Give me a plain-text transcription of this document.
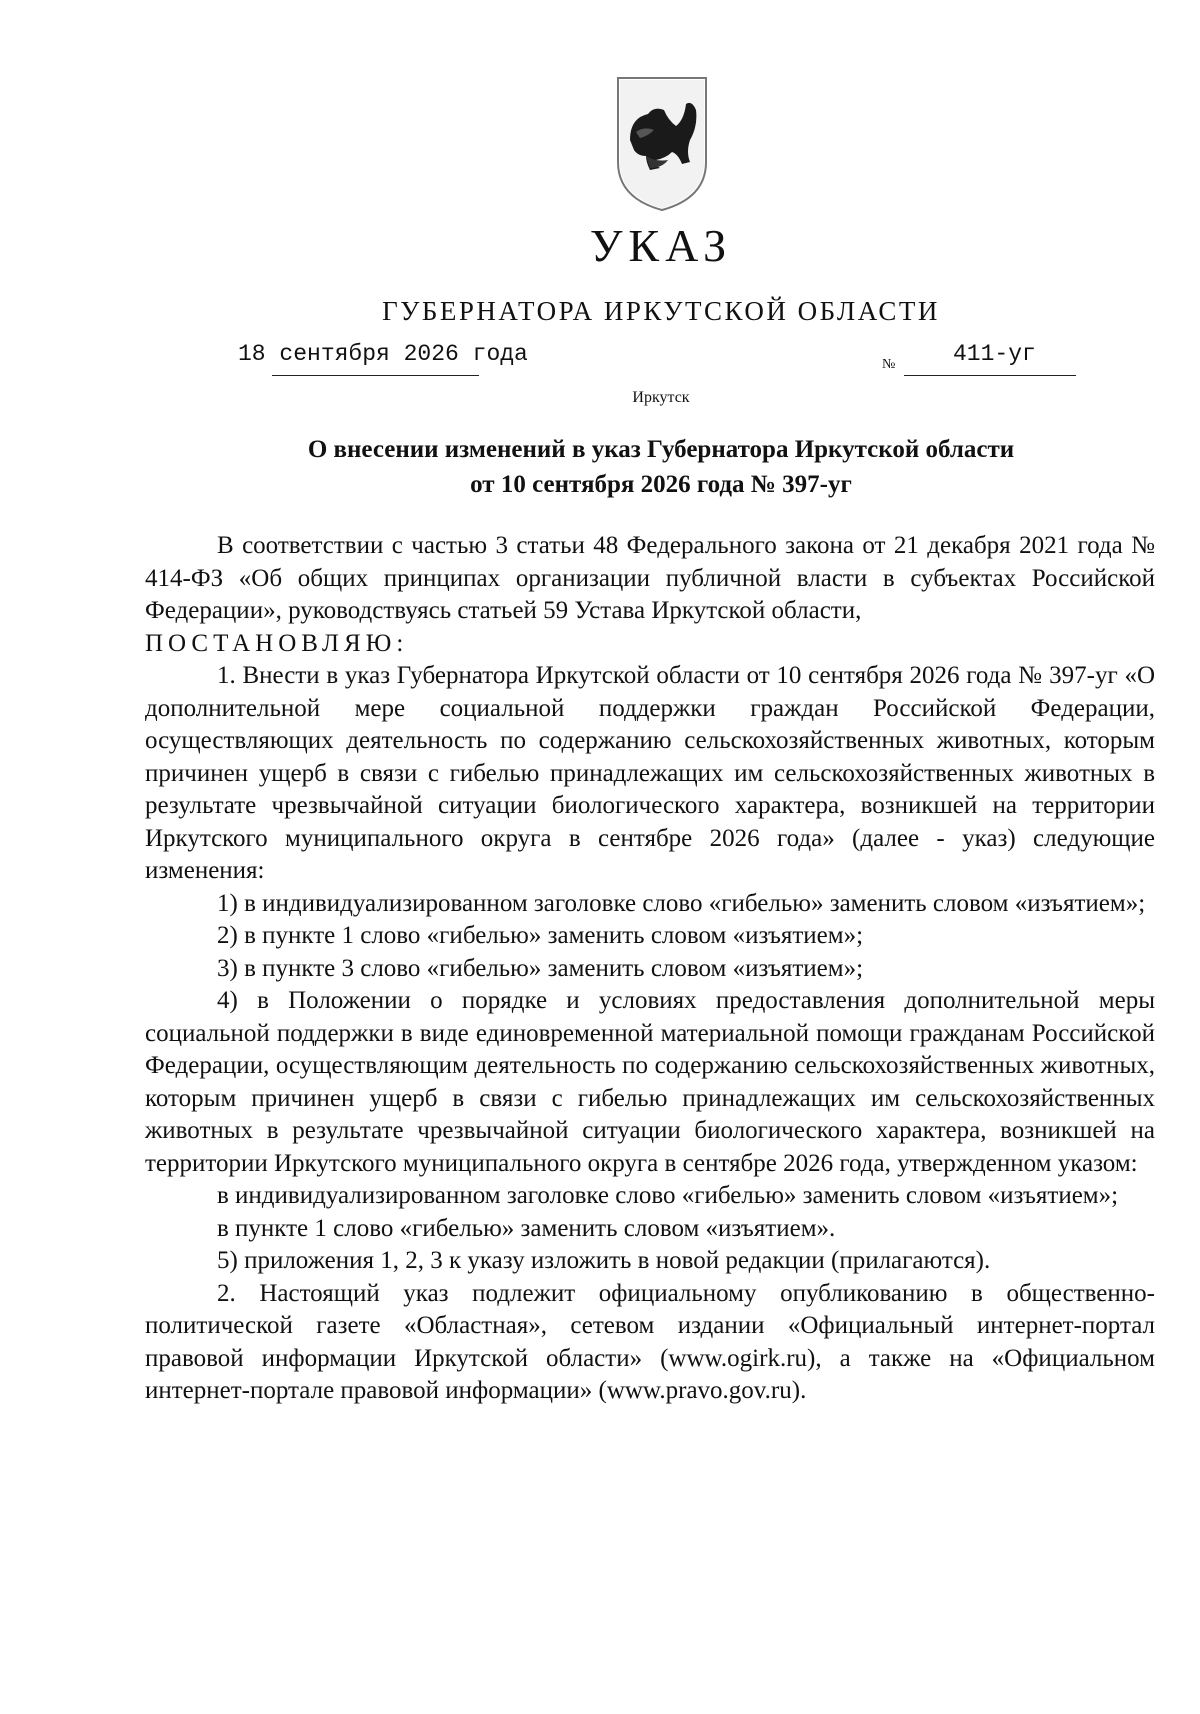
УКАЗ
ГУБЕРНАТОРА ИРКУТСКОЙ ОБЛАСТИ
18 сентября 2026 года	№	411-уг
Иркутск
О внесении изменений в указ Губернатора Иркутской области
от 10 сентября 2026 года № 397-уг

В соответствии с частью 3 статьи 48 Федерального закона от 21 декабря 2021 года № 414-ФЗ «Об общих принципах организации публичной власти в субъектах Российской Федерации», руководствуясь статьей 59 Устава Иркутской области,

ПОСТАНОВЛЯЮ:

1. Внести в указ Губернатора Иркутской области от 10 сентября 2026 года № 397-уг «О дополнительной мере социальной поддержки граждан Российской Федерации, осуществляющих деятельность по содержанию сельскохозяйственных животных, которым причинен ущерб в связи с гибелью принадлежащих им сельскохозяйственных животных в результате чрезвычайной ситуации биологического характера, возникшей на территории Иркутского муниципального округа в сентябре 2026 года» (далее - указ) следующие изменения:

1) в индивидуализированном заголовке слово «гибелью» заменить словом «изъятием»;

2) в пункте 1 слово «гибелью» заменить словом «изъятием»;

3) в пункте 3 слово «гибелью» заменить словом «изъятием»;

4) в Положении о порядке и условиях предоставления дополнительной меры социальной поддержки в виде единовременной материальной помощи гражданам Российской Федерации, осуществляющим деятельность по содержанию сельскохозяйственных животных, которым причинен ущерб в связи с гибелью принадлежащих им сельскохозяйственных животных в результате чрезвычайной ситуации биологического характера, возникшей на территории Иркутского муниципального округа в сентябре 2026 года, утвержденном указом:

в индивидуализированном заголовке слово «гибелью» заменить словом «изъятием»;

в пункте 1 слово «гибелью» заменить словом «изъятием».

5) приложения 1, 2, 3 к указу изложить в новой редакции (прилагаются).

2. Настоящий указ подлежит официальному опубликованию в общественно-политической газете «Областная», сетевом издании «Официальный интернет-портал правовой информации Иркутской области» (www.ogirk.ru), а также на «Официальном интернет-портале правовой информации» (www.pravo.gov.ru).
